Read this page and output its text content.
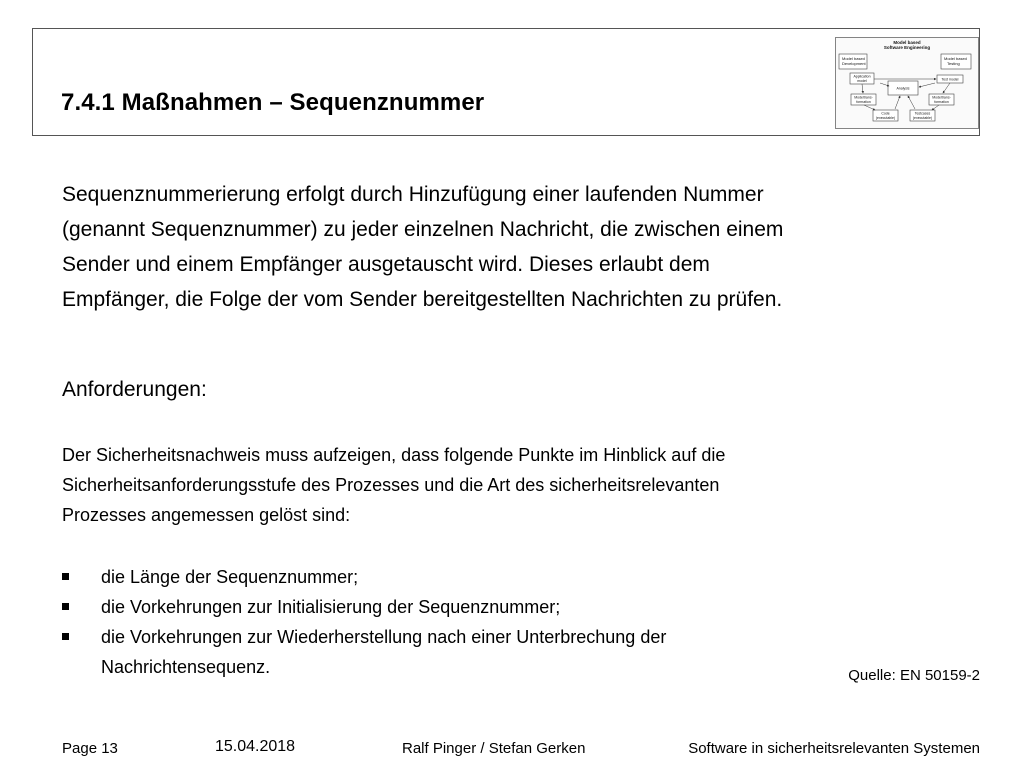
7.4.1 Maßnahmen – Sequenznummer
Model based
Software Engineering
Model based
Development
Model based
Testing
Application
model	Test model
Analysis
Modeltrans-
formation
Modeltrans-
formation
Code
(executable)
Testcases
(executable)

Sequenznummerierung erfolgt durch Hinzufügung einer laufenden Nummer
(genannt Sequenznummer) zu jeder einzelnen Nachricht, die zwischen einem
Sender und einem Empfänger ausgetauscht wird. Dieses erlaubt dem
Empfänger, die Folge der vom Sender bereitgestellten Nachrichten zu prüfen.

Anforderungen:

Der Sicherheitsnachweis muss aufzeigen, dass folgende Punkte im Hinblick auf die
Sicherheitsanforderungsstufe des Prozesses und die Art des sicherheitsrelevanten
Prozesses angemessen gelöst sind:

die Länge der Sequenznummer;
die Vorkehrungen zur Initialisierung der Sequenznummer;
die Vorkehrungen zur Wiederherstellung nach einer Unterbrechung der
Nachrichtensequenz.	Quelle: EN 50159-2

Page 13	15.04.2018	Ralf Pinger / Stefan Gerken	Software in sicherheitsrelevanten Systemen
